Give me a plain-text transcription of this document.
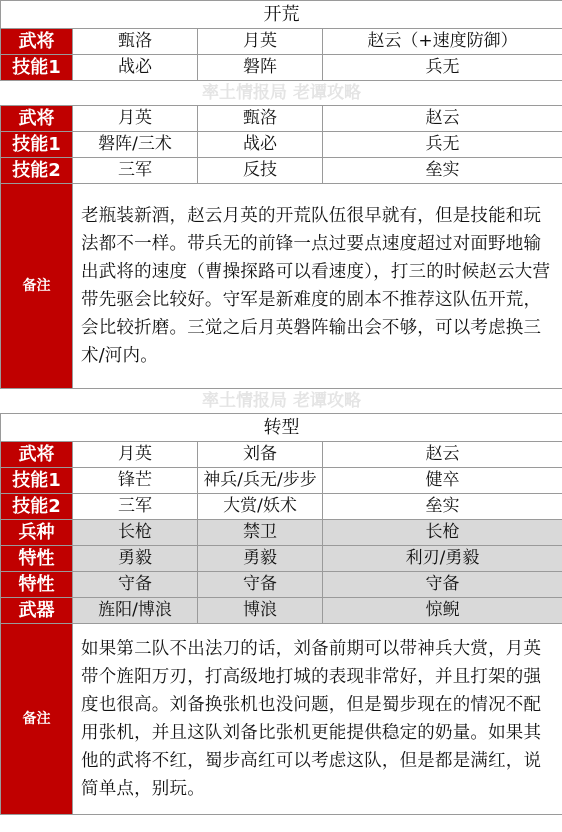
开荒			
武将	甄洛	月英	赵云（+速度防御）
技能1	战必	磐阵	兵无
率土情报局 老谭攻略			
武将	月英	甄洛	赵云
技能1	磐阵/三术	战必	兵无
技能2	三军	反技	垒实
备注	老瓶装新酒，赵云月英的开荒队伍很早就有，但是技能和玩法都不一样。带兵无的前锋一点过要点速度超过对面野地输出武将的速度（曹操探路可以看速度），打三的时候赵云大营带先驱会比较好。守军是新难度的剧本不推荐这队伍开荒，会比较折磨。三觉之后月英磐阵输出会不够，可以考虑换三术/河内。		
率土情报局 老谭攻略			
转型			
武将	月英	刘备	赵云
技能1	锋芒	神兵/兵无/步步	健卒
技能2	三军	大赏/妖术	垒实
兵种	长枪	禁卫	长枪
特性	勇毅	勇毅	利刃/勇毅
特性	守备	守备	守备
武器	旌阳/博浪	博浪	惊鲵
备注	如果第二队不出法刀的话，刘备前期可以带神兵大赏，月英带个旌阳万刃，打高级地打城的表现非常好，并且打架的强度也很高。刘备换张机也没问题，但是蜀步现在的情况不配用张机，并且这队刘备比张机更能提供稳定的奶量。如果其他的武将不红，蜀步高红可以考虑这队，但是都是满红，说简单点，别玩。		
